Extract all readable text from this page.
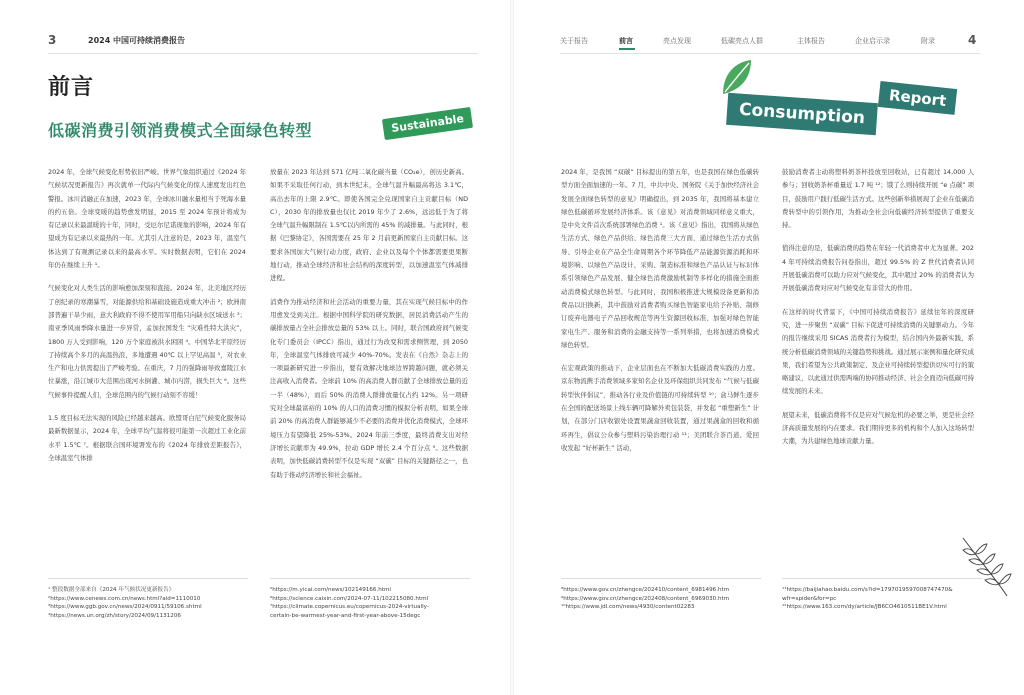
3	2024 中国可持续消费报告	4
关于报告	前言	亮点发现	低碳亮点人群	主体报告	企业启示录	附录
前言
低碳消费引领消费模式全面绿色转型	Sustainable	Consumption
Report

2024 年，全球气候变化形势依旧严峻。世界气象组织通过《2024 年气候状况更新报告》再次就单一代际内气候变化的惊人速度发出红色警报。冰川消融正在加速，2023 年，全球冰川融水量相当于死海水量的约五倍。全球变暖的趋势愈发明显，2015 至 2024 年预计将成为有记录以来最温暖的十年，同时，受厄尔尼诺现象的影响，2024 年有望成为有记录以来最热的一年。尤其引人注意的是，2023 年，温室气体达到了有观测记录以来的最高水平。实时数据表明，它们在 2024 年仍在继续上升 ¹。

气候变化对人类生活的影响愈加深刻和直接。2024 年，北美地区经历了创纪录的寒潮暴雪，对能源供给和基础设施造成重大冲击 ²；欧洲南部普遍干旱少雨，意大利政府不得不使用军用船只向缺水区域送水 ³；南亚季风雨季降水量进一步异常，孟加拉国发生 “灾难性特大洪灾”，1800 万人受到影响，120 万个家庭被洪水困困 ⁴。中国华北平原经历了持续高个多月的高温热浪，多地遭遇 40℃ 以上罕见高温 ⁵，对农业生产和电力供需提出了严峻考验。在重庆，7 月的强降雨导致嘉陵江水位暴涨，沿江城市大范围出现河水倒灌、城市内涝，损失巨大 ⁶。这些气候事件提醒人们，全球范围内的气候行动刻不容缓！

1.5 度目标无法实现的风险已经越来越高。欧盟哥白尼气候变化服务局最新数据显示，2024 年，全球平均气温将很可能第一次超过工业化前水平 1.5℃ ⁷。根据联合国环境署发布的《2024 年排放差距报告》，全球温室气体排

放量在 2023 年达到 571 亿吨二氧化碳当量（CO₂e），创历史新高。如果不采取任何行动，到本世纪末，全球气温升幅最高将达 3.1℃，高出去年的上限 2.9℃。即使各国完全兑现国家自主贡献目标（NDC），2030 年的排放量也仅比 2019 年少了 2.6%，远远低于为了将全球气温升幅限制在 1.5℃以内所需的 45% 的减排量。与此同时，根据《巴黎协定》，各国需要在 25 年 2 月前更新国家自主贡献目标。这要求各国加大气候行动力度，政府、企业以及每个个体都需要更果断地行动，推动全球经济和社会结构的深度转型，以加速温室气体减排进程。

消费作为推动经济和社会活动的重要力量，其在实现气候目标中的作用愈发受到关注。根据中国科学院的研究数据，居民消费活动产生的碳排放量占全社会排放总量的 53% 以上。同时，联合国政府间气候变化专门委员会（IPCC）指出，通过行为改变和需求侧管理，到 2050 年，全球温室气体排放可减少 40%-70%。发表在《自然》杂志上的一项最新研究进一步指出，要有效解决地球边界跨越问题，就必须关注高收入消费者。全球前 10% 的高消费人群贡献了全球排放总量的近一半（48%），而后 50% 的消费人群排放量仅占约 12%。另一项研究对全球最富裕的 10% 的人口的消费习惯的模拟分析表明，如果全球前 20% 的高消费人群能够减少不必要的消费并优化消费模式，全球环境压力有望降低 25%-53%。2024 年前三季度，最终消费支出对经济增长贡献率为 49.9%，拉动 GDP 增长 2.4 个百分点 ⁹。这些数据表明，加快低碳消费转型不仅是实现 “双碳” 目标的关键路径之一，也有助于推动经济增长和社会福祉。

2024 年，是我国 “双碳” 目标提出的第五年，也是我国在绿色低碳转型方面全面加速的一年。7 月，中共中央、国务院《关于加快经济社会发展全面绿色转型的意见》明确提出，到 2035 年，我国将基本建立绿色低碳循环发展经济体系。该《意见》对消费领域同样意义重大，是中央文件首次系统部署绿色消费 ¹。该《意见》指出，我国将从绿色生活方式、绿色产品供给、绿色消费三大方面，通过绿色生活方式倡导、引导企业在产品全生命周期各个环节降低产品能源资源消耗和环境影响、以绿色产品设计、采购、制造标准和绿色产品认证与标识体系引领绿色产品发展、健全绿色消费激励机制等多样化的措施全面推动消费模式绿色转型。与此同时，我国积极推进大规模设备更新和消费品以旧换新，其中鼓励对消费者购买绿色智能家电给予补贴、制修订废弃电器电子产品回收规范等再生资源回收标准、加强对绿色智能家电生产、服务和消费的金融支持等一系列举措，也将加速消费模式绿色转型。

在宏观政策的推动下，企业层面也在不断加大低碳消费实践的力度。京东物流携手消费领域多家知名企业及环保组织共同发布 “气候与低碳转型伙伴倡议”，推动各行业及价值链的可持续转型 ¹⁰；盒马鲜生逐步在全国的配送场景上线车辆可降解外卖包装袋，并发起 “重塑新生” 计划，在部分门店收银处设置果蔬盒回收装置，通过果蔬盒的回收和循环再生，倡议公众参与塑料污染治理行动 ¹¹；美团联合茶百道、爱回收发起 “好杯新生” 活动，

鼓励消费者主动将塑料奶茶杯投放至回收站，已有超过 14,000 人参与；回收奶茶杯重量近 1.7 吨 ¹²；饿了么则持续开展 “e 点碳” 项目，鼓励用户践行低碳生活方式。这些创新举措展现了企业在低碳消费转型中的引领作用，为推动全社会向低碳经济转型提供了重要支持。

值得注意的是，低碳消费的趋势在年轻一代消费者中尤为显著。2024 年可持续消费报告问卷指出，超过 99.5% 的 Z 世代消费者认同开展低碳消费可以助力应对气候变化，其中超过 20% 的消费者认为开展低碳消费对应对气候变化有非常大的作用。

在这样的时代背景下，《中国可持续消费报告》延续往年的深度研究，进一步聚焦 “双碳” 目标下促进可持续消费的关键驱动力。今年的报告继续采用 SICAS 消费者行为模型，结合国内外最新实践，系统分析低碳消费领域的关键趋势和挑战。通过展示案例和量化研究成果，我们希望为公共政策制定、及企业可持续转型提供切实可行的策略建议，以此通过供需两端的协同推动经济、社会全面迈向低碳可持续发展的未来。

展望未来，低碳消费将不仅是应对气候危机的必要之举，更是社会经济高质量发展的内在要求。我们期待更多的机构和个人加入这场转型大潮，为共建绿色地球贡献力量。

¹ 整段数据全部来自《2024 年气候状况更新报告》
²https://www.cenews.com.cn/news.html?aid=1110010
³https://www.ggb.gov.cn/news/2024/0911/59106.shtml
⁴https://news.un.org/zh/story/2024/09/1131206
⁵https://m.yicai.com/news/102149166.html
⁶https://science.caixin.com/2024-07-11/102215080.html
⁷https://climate.copernicus.eu/copernicus-2024-virtually-
certain-be-warmest-year-and-first-year-above-15degc
⁸https://www.gov.cn/zhengce/202410/content_6981496.htm
⁹https://www.gov.cn/zhengce/202408/content_6969030.htm
¹⁰https://www.jdl.com/news/4930/content02283
¹¹https://baijiahao.baidu.com/s?id=1797019597008747470&
wfr=spider&for=pc
¹²https://www.163.com/dy/article/JB6CO4610511BE1V.html
